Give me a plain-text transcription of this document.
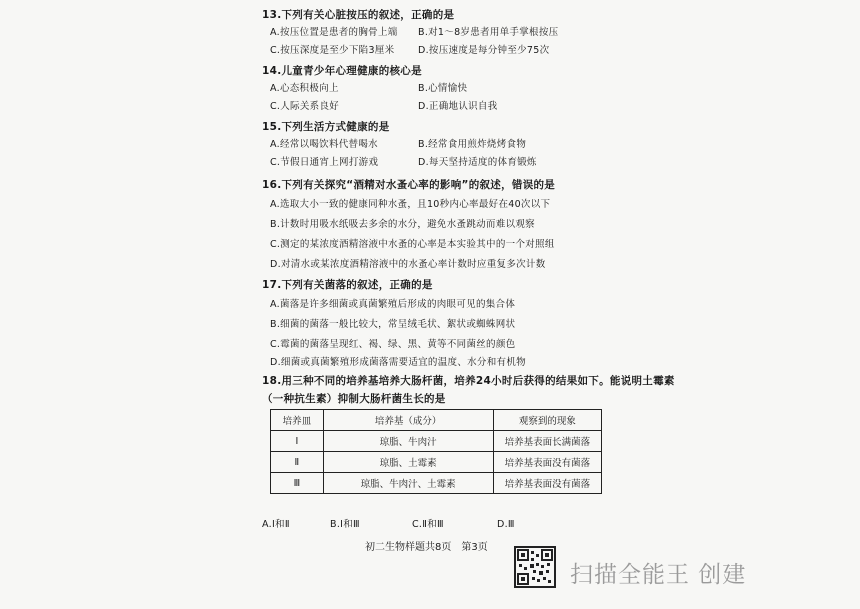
13.下列有关心脏按压的叙述，正确的是
A.按压位置是患者的胸骨上端 B.对1～8岁患者用单手掌根按压
C.按压深度是至少下陷3厘米 D.按压速度是每分钟至少75次
14.儿童青少年心理健康的核心是
A.心态积极向上	B.心情愉快
C.人际关系良好	D.正确地认识自我
15.下列生活方式健康的是
A.经常以喝饮料代替喝水	B.经常食用煎炸烧烤食物
C.节假日通宵上网打游戏	D.每天坚持适度的体育锻炼
16.下列有关探究“酒精对水蚤心率的影响”的叙述，错误的是
A.选取大小一致的健康同种水蚤，且10秒内心率最好在40次以下
B.计数时用吸水纸吸去多余的水分，避免水蚤跳动而难以观察
C.测定的某浓度酒精溶液中水蚤的心率是本实验其中的一个对照组
D.对清水或某浓度酒精溶液中的水蚤心率计数时应重复多次计数
17.下列有关菌落的叙述，正确的是
A.菌落是许多细菌或真菌繁殖后形成的肉眼可见的集合体
B.细菌的菌落一般比较大，常呈绒毛状、絮状或蜘蛛网状
C.霉菌的菌落呈现红、褐、绿、黑、黄等不同菌丝的颜色
D.细菌或真菌繁殖形成菌落需要适宜的温度、水分和有机物
18.用三种不同的培养基培养大肠杆菌，培养24小时后获得的结果如下。能说明土霉素
（一种抗生素）抑制大肠杆菌生长的是
培养皿	培养基（成分）	观察到的现象
Ⅰ	琼脂、牛肉汁	培养基表面长满菌落
Ⅱ	琼脂、土霉素	培养基表面没有菌落
Ⅲ	琼脂、牛肉汁、土霉素	培养基表面没有菌落
A.Ⅰ和Ⅱ	B.Ⅰ和Ⅲ	C.Ⅱ和Ⅲ	D.Ⅲ
初二生物样题共8页　第3页
扫描全能王 创建
